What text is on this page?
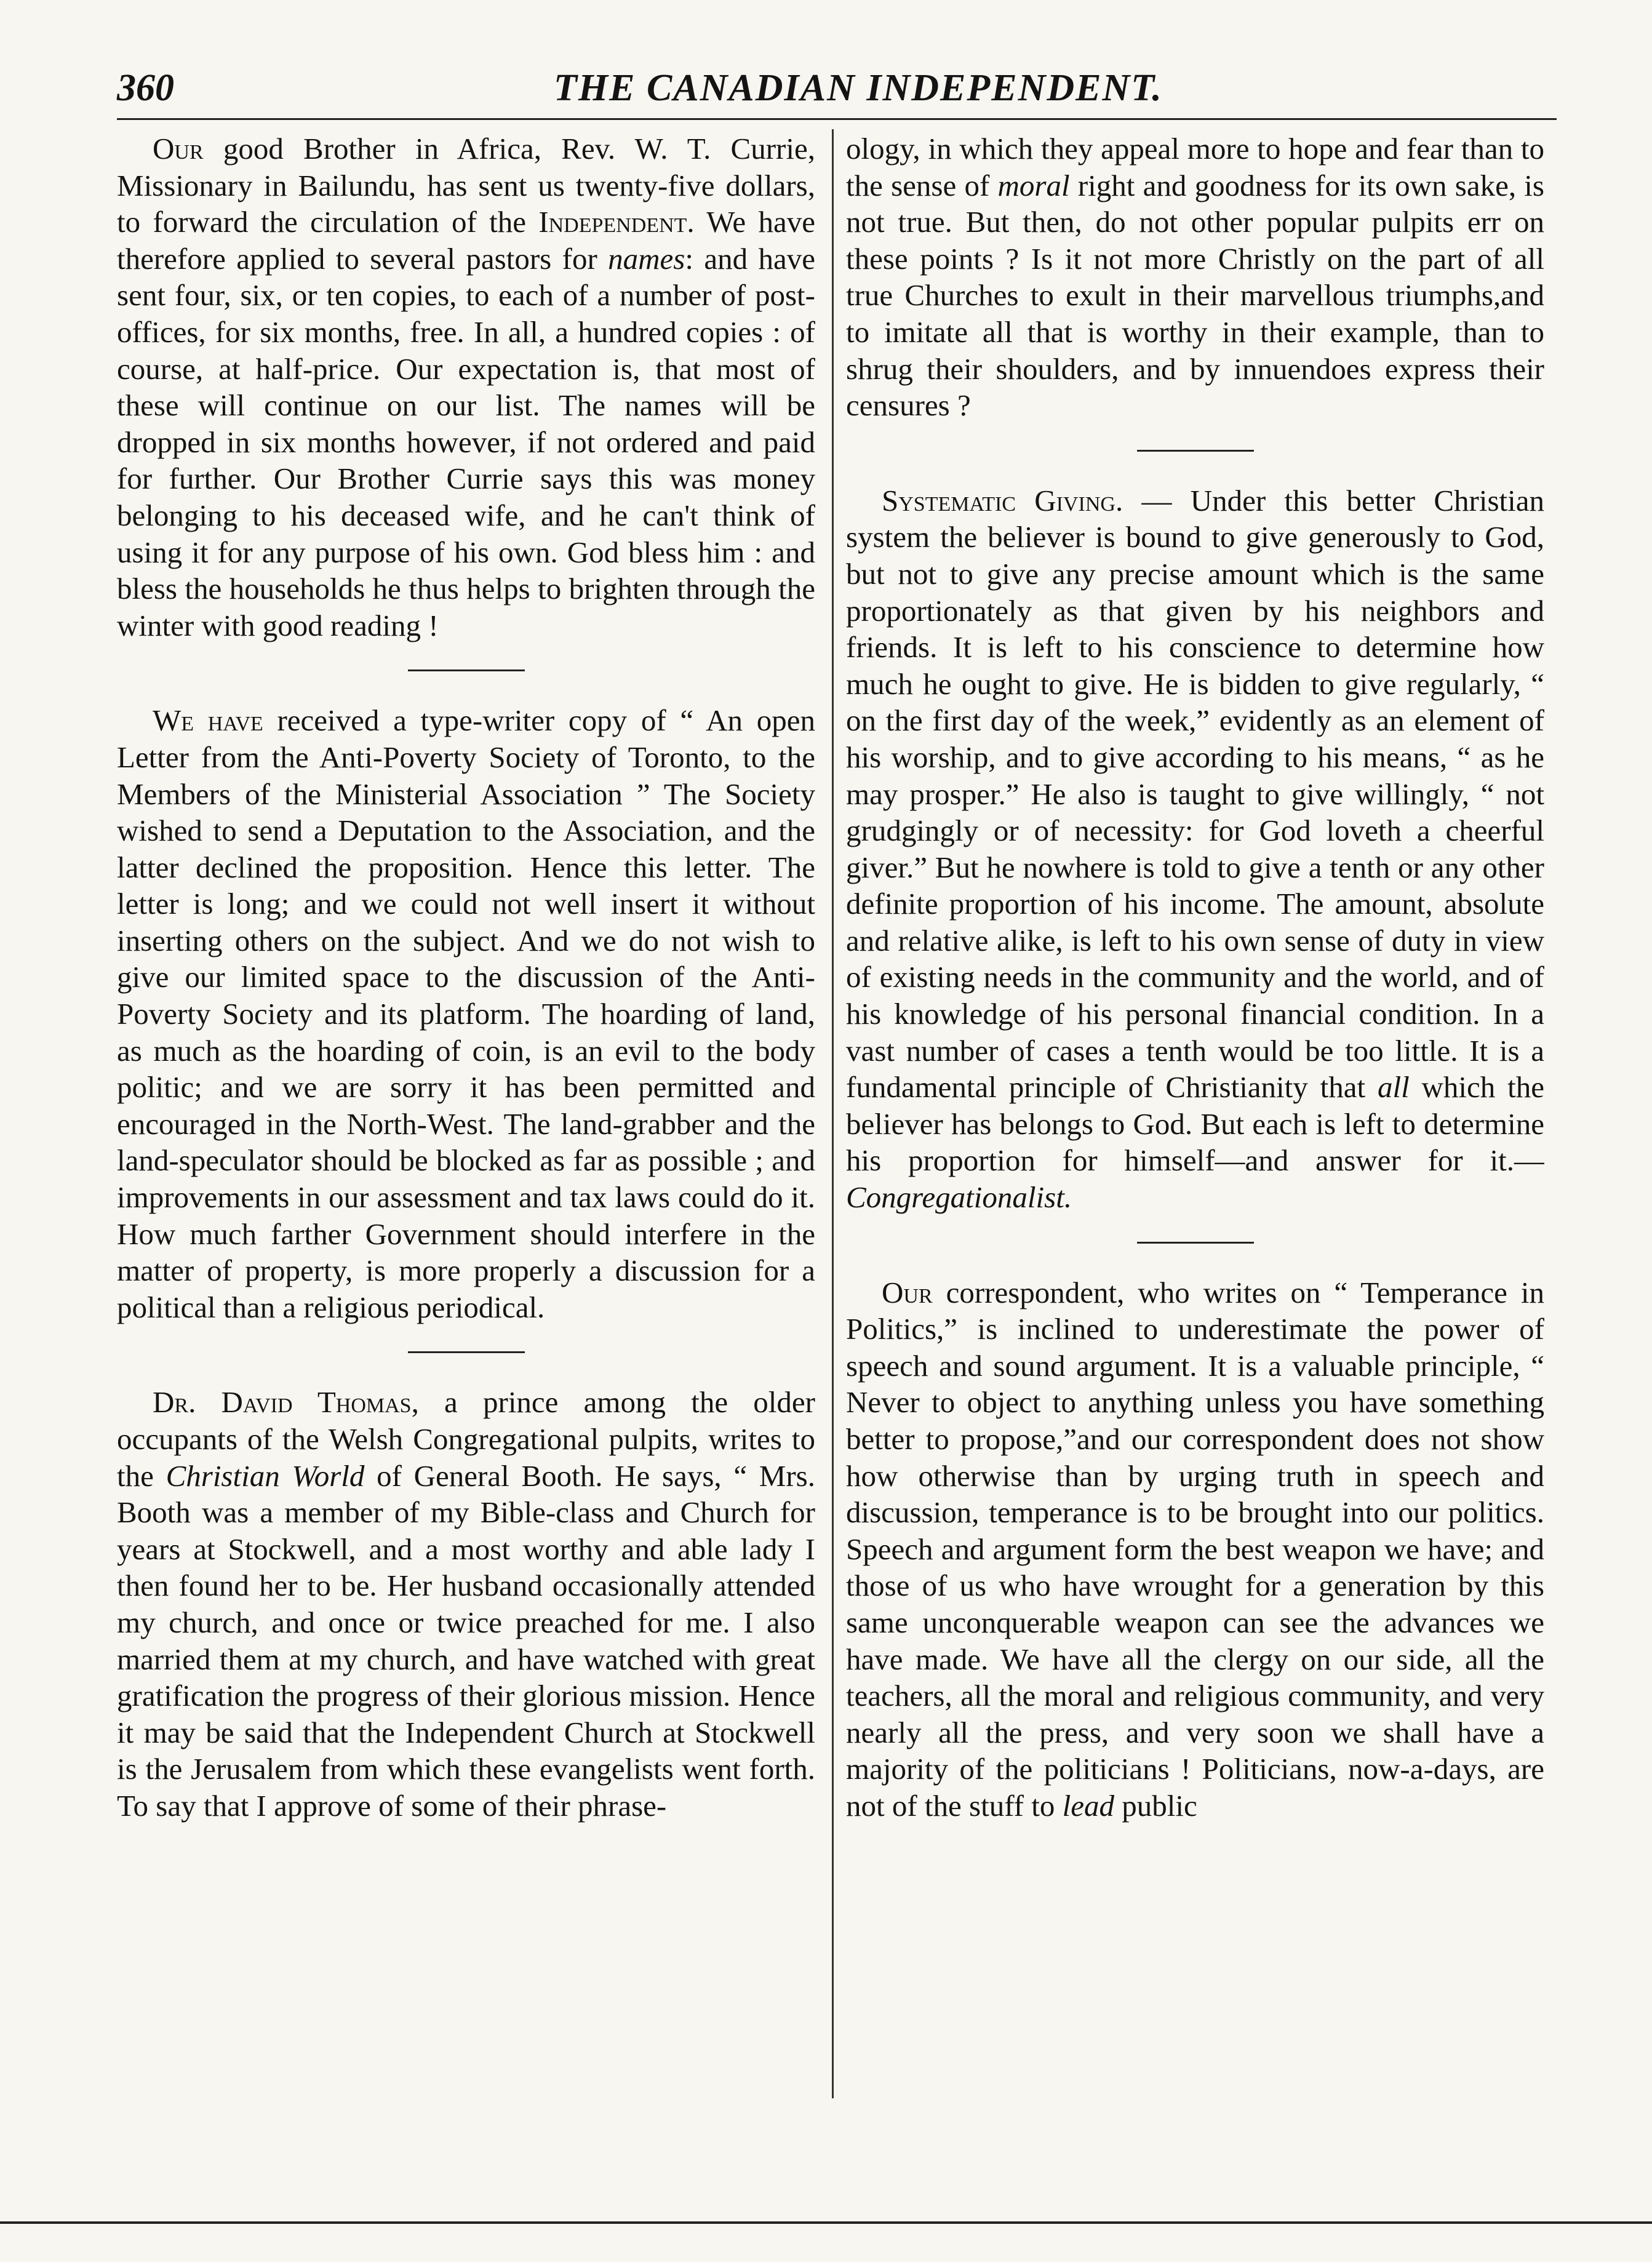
360	THE CANADIAN INDEPENDENT.

Our good Brother in Africa, Rev. W. T. Currie, Missionary in Bailundu, has sent us twenty-five dollars, to forward the circulation of the Independent. We have therefore applied to several pastors for names: and have sent four, six, or ten copies, to each of a number of post-offices, for six months, free. In all, a hundred copies : of course, at half-price. Our expectation is, that most of these will continue on our list. The names will be dropped in six months however, if not ordered and paid for further. Our Brother Currie says this was money belonging to his deceased wife, and he can't think of using it for any purpose of his own. God bless him : and bless the households he thus helps to brighten through the winter with good reading !

We have received a type-writer copy of “ An open Letter from the Anti-Poverty Society of Toronto, to the Members of the Ministerial Association ” The Society wished to send a Deputation to the Association, and the latter declined the proposition. Hence this letter. The letter is long; and we could not well insert it without inserting others on the subject. And we do not wish to give our limited space to the discussion of the Anti-Poverty Society and its platform. The hoarding of land, as much as the hoarding of coin, is an evil to the body politic; and we are sorry it has been permitted and encouraged in the North-West. The land-grabber and the land-speculator should be blocked as far as possible ; and improvements in our assessment and tax laws could do it. How much farther Government should interfere in the matter of property, is more properly a discussion for a political than a religious periodical.

Dr. David Thomas, a prince among the older occupants of the Welsh Congregational pulpits, writes to the Christian World of General Booth. He says, “ Mrs. Booth was a member of my Bible-class and Church for years at Stockwell, and a most worthy and able lady I then found her to be. Her husband occasionally attended my church, and once or twice preached for me. I also married them at my church, and have watched with great gratification the progress of their glorious mission. Hence it may be said that the Independent Church at Stockwell is the Jerusalem from which these evangelists went forth. To say that I approve of some of their phrase-

ology, in which they appeal more to hope and fear than to the sense of moral right and goodness for its own sake, is not true. But then, do not other popular pulpits err on these points ? Is it not more Christly on the part of all true Churches to exult in their marvellous triumphs,and to imitate all that is worthy in their example, than to shrug their shoulders, and by innuendoes express their censures ?

Systematic Giving. — Under this better Christian system the believer is bound to give generously to God, but not to give any precise amount which is the same proportionately as that given by his neighbors and friends. It is left to his conscience to determine how much he ought to give. He is bidden to give regularly, “ on the first day of the week,” evidently as an element of his worship, and to give according to his means, “ as he may prosper.” He also is taught to give willingly, “ not grudgingly or of necessity: for God loveth a cheerful giver.” But he nowhere is told to give a tenth or any other definite proportion of his income. The amount, absolute and relative alike, is left to his own sense of duty in view of existing needs in the community and the world, and of his knowledge of his personal financial condition. In a vast number of cases a tenth would be too little. It is a fundamental principle of Christianity that all which the believer has belongs to God. But each is left to determine his proportion for himself—and answer for it.—Congregationalist.

Our correspondent, who writes on “ Temperance in Politics,” is inclined to underestimate the power of speech and sound argument. It is a valuable principle, “ Never to object to anything unless you have something better to propose,”and our correspondent does not show how otherwise than by urging truth in speech and discussion, temperance is to be brought into our politics. Speech and argument form the best weapon we have; and those of us who have wrought for a generation by this same unconquerable weapon can see the advances we have made. We have all the clergy on our side, all the teachers, all the moral and religious community, and very nearly all the press, and very soon we shall have a majority of the politicians ! Politicians, now-a-days, are not of the stuff to lead public
